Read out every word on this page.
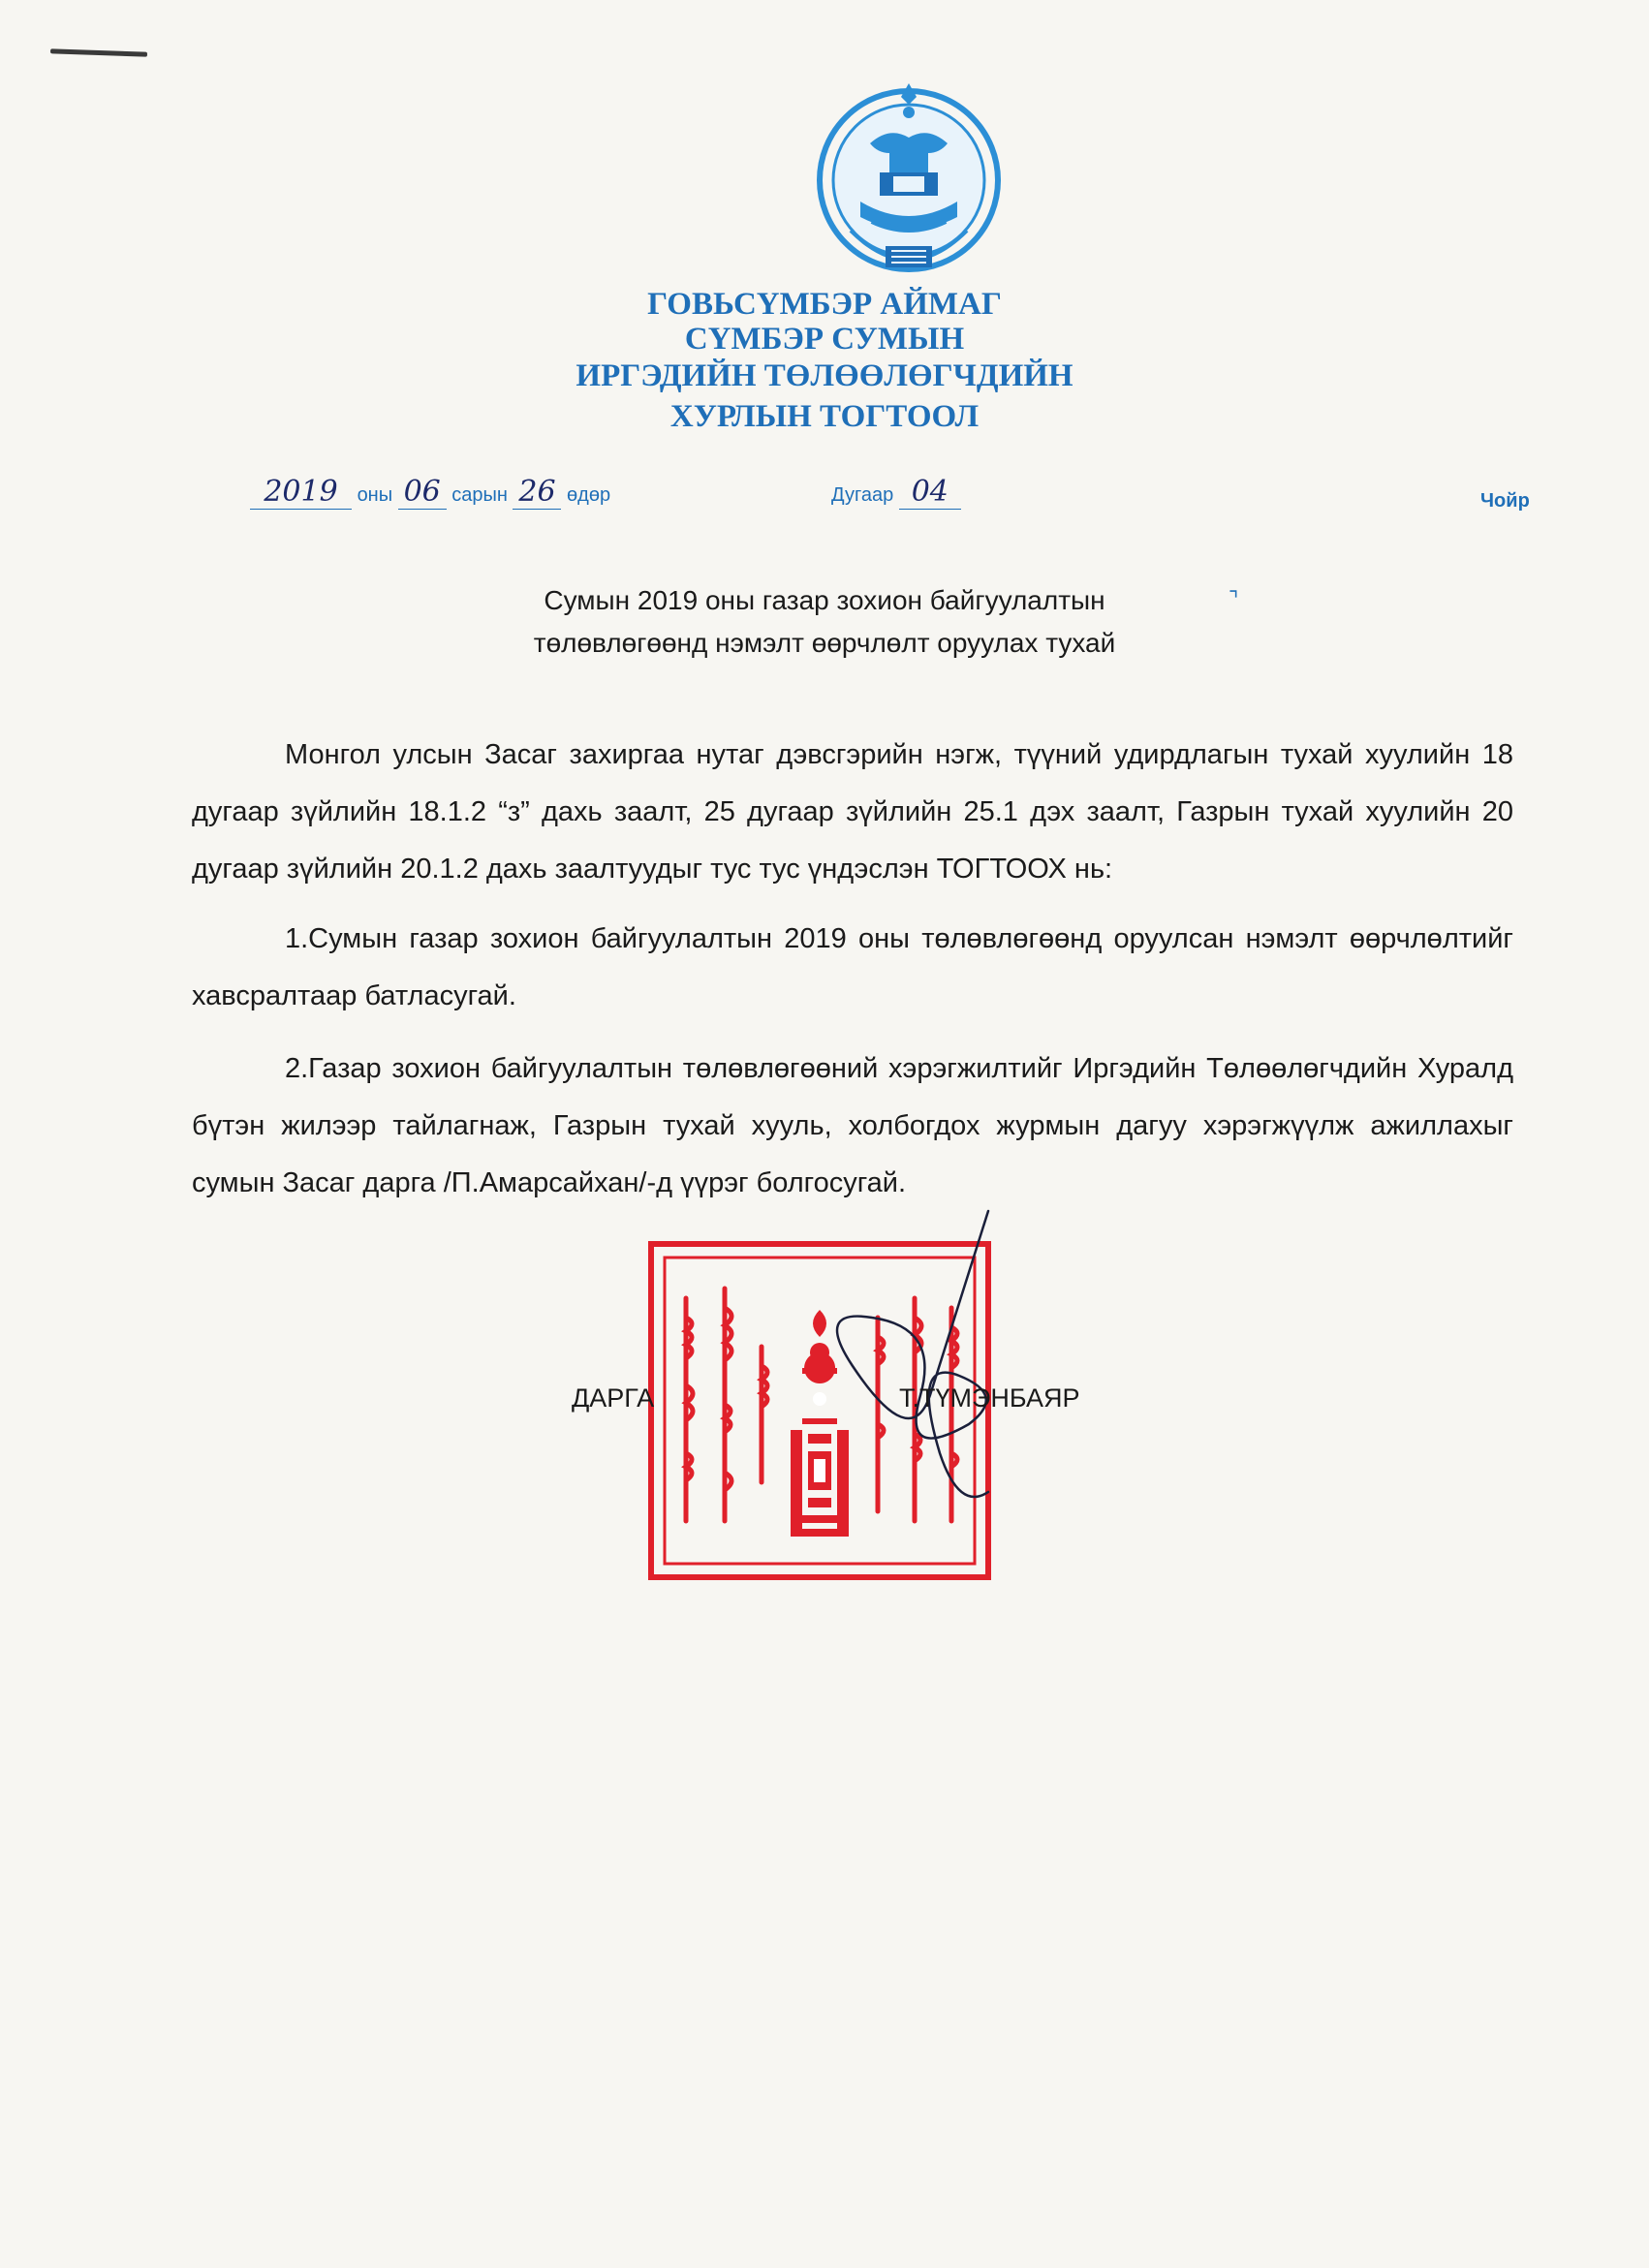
ГОВЬСҮМБЭР АЙМАГ
СҮМБЭР СУМЫН
ИРГЭДИЙН ТӨЛӨӨЛӨГЧДИЙН
ХУРЛЫН ТОГТООЛ
2019 оны 06 сарын 26 өдөр	Дугаар 04	Чойр
Сумын 2019 оны газар зохион байгуулалтын
төлөвлөгөөнд нэмэлт өөрчлөлт оруулах тухай
⌝

Монгол улсын Засаг захиргаа нутаг дэвсгэрийн нэгж, түүний удирдлагын тухай хуулийн 18 дугаар зүйлийн 18.1.2 “з” дахь заалт, 25 дугаар зүйлийн 25.1 дэх заалт, Газрын тухай хуулийн 20 дугаар зүйлийн 20.1.2 дахь заалтуудыг тус тус үндэслэн ТОГТООХ нь:

1.Сумын газар зохион байгуулалтын 2019 оны төлөвлөгөөнд оруулсан нэмэлт өөрчлөлтийг хавсралтаар батласугай.

2.Газар зохион байгуулалтын төлөвлөгөөний хэрэгжилтийг Иргэдийн Төлөөлөгчдийн Хуралд бүтэн жилээр тайлагнаж, Газрын тухай хууль, холбогдох журмын дагуу хэрэгжүүлж ажиллахыг сумын Засаг дарга /П.Амарсайхан/-д үүрэг болгосугай.

ДАРГА	Т.ТҮМЭНБАЯР
